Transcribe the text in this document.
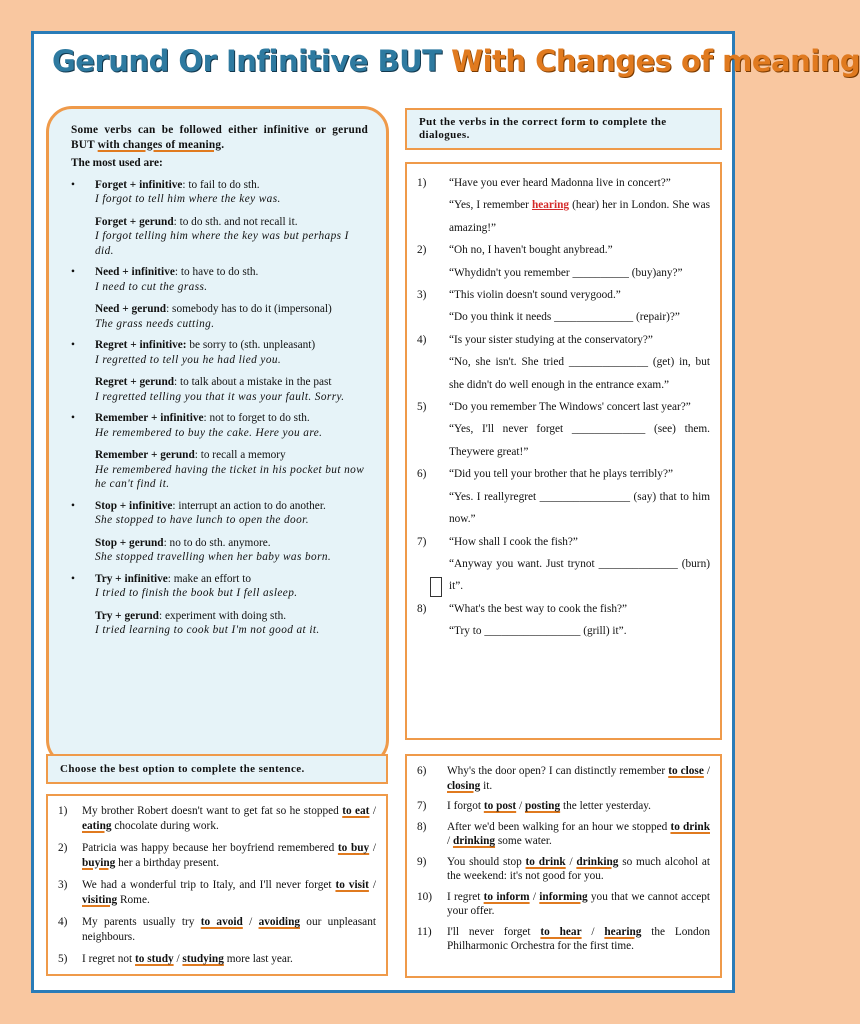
Gerund Or Infinitive BUT With Changes of meaning

Some verbs can be followed either infinitive or gerund BUT with changes of meaning.

The most used are:

• Forget + infinitive: to fail to do sth.
I forgot to tell him where the key was.
Forget + gerund: to do sth. and not recall it.
I forgot telling him where the key was but perhaps I did.
• Need + infinitive: to have to do sth.
I need to cut the grass.
Need + gerund: somebody has to do it (impersonal)
The grass needs cutting.
• Regret + infinitive: be sorry to (sth. unpleasant)
I regretted to tell you he had lied you.
Regret + gerund: to talk about a mistake in the past
I regretted telling you that it was your fault. Sorry.
• Remember + infinitive: not to forget to do sth.
He remembered to buy the cake. Here you are.
Remember + gerund: to recall a memory
He remembered having the ticket in his pocket but now he can't find it.
• Stop + infinitive: interrupt an action to do another.
She stopped to have lunch to open the door.
Stop + gerund: no to do sth. anymore.
She stopped travelling when her baby was born.
• Try + infinitive: make an effort to
I tried to finish the book but I fell asleep.
Try + gerund: experiment with doing sth.
I tried learning to cook but I'm not good at it.
Put the verbs in the correct form to complete the dialogues.
1) “Have you ever heard Madonna live in concert?”

“Yes, I remember hearing (hear) her in London. She was amazing!”

2) “Oh no, I haven't bought anybread.”

“Whydidn't you remember __________ (buy)any?”

3) “This violin doesn't sound verygood.”

“Do you think it needs ______________ (repair)?”

4) “Is your sister studying at the conservatory?”

“No, she isn't. She tried ______________ (get) in, but she didn't do well enough in the entrance exam.”

5) “Do you remember The Windows' concert last year?”

“Yes, I'll never forget _____________ (see) them. Theywere great!”

6) “Did you tell your brother that he plays terribly?”

“Yes. I reallyregret ________________ (say) that to him now.”

7) “How shall I cook the fish?”

“Anyway you want. Just trynot ______________ (burn) it”.

8) “What's the best way to cook the fish?”

“Try to _________________ (grill) it”.

Choose the best option to complete the sentence.
1) My brother Robert doesn't want to get fat so he stopped to eat / eating chocolate during work.
2) Patricia was happy because her boyfriend remembered to buy / buying her a birthday present.
3) We had a wonderful trip to Italy, and I'll never forget to visit / visiting Rome.
4) My parents usually try to avoid / avoiding our unpleasant neighbours.
5) I regret not to study / studying more last year.
6) Why's the door open? I can distinctly remember to close / closing it.
7) I forgot to post / posting the letter yesterday.
8) After we'd been walking for an hour we stopped to drink / drinking some water.
9) You should stop to drink / drinking so much alcohol at the weekend: it's not good for you.
10) I regret to inform / informing you that we cannot accept your offer.
11) I'll never forget to hear / hearing the London Philharmonic Orchestra for the first time.
